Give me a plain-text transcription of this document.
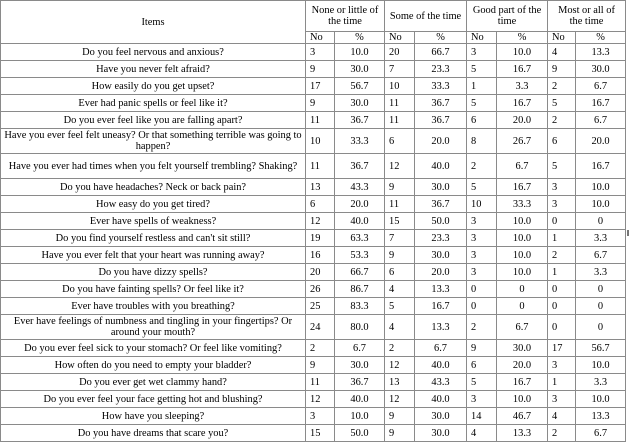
Items	None or little of the time		Some of the time		Good part of the time		Most or all of the time	
	No	%	No	%	No	%	No	%
Do you feel nervous and anxious?	3	10.0	20	66.7	3	10.0	4	13.3
Have you never felt afraid?	9	30.0	7	23.3	5	16.7	9	30.0
How easily do you get upset?	17	56.7	10	33.3	1	3.3	2	6.7
Ever had panic spells or feel like it?	9	30.0	11	36.7	5	16.7	5	16.7
Do you ever feel like you are falling apart?	11	36.7	11	36.7	6	20.0	2	6.7
Have you ever feel felt uneasy? Or that something terrible was going to happen?	10	33.3	6	20.0	8	26.7	6	20.0
Have you ever had times when you felt yourself trembling? Shaking?	11	36.7	12	40.0	2	6.7	5	16.7
Do you have headaches? Neck or back pain?	13	43.3	9	30.0	5	16.7	3	10.0
How easy do you get tired?	6	20.0	11	36.7	10	33.3	3	10.0
Ever have spells of weakness?	12	40.0	15	50.0	3	10.0	0	0
Do you find yourself restless and can't sit still?	19	63.3	7	23.3	3	10.0	1	3.3
Have you ever felt that your heart was running away?	16	53.3	9	30.0	3	10.0	2	6.7
Do you have dizzy spells?	20	66.7	6	20.0	3	10.0	1	3.3
Do you have fainting spells? Or feel like it?	26	86.7	4	13.3	0	0	0	0
Ever have troubles with you breathing?	25	83.3	5	16.7	0	0	0	0
Ever have feelings of numbness and tingling in your fingertips? Or around your mouth?	24	80.0	4	13.3	2	6.7	0	0
Do you ever feel sick to your stomach? Or feel like vomiting?	2	6.7	2	6.7	9	30.0	17	56.7
How often do you need to empty your bladder?	9	30.0	12	40.0	6	20.0	3	10.0
Do you ever get wet clammy hand?	11	36.7	13	43.3	5	16.7	1	3.3
Do you ever feel your face getting hot and blushing?	12	40.0	12	40.0	3	10.0	3	10.0
How have you sleeping?	3	10.0	9	30.0	14	46.7	4	13.3
Do you have dreams that scare you?	15	50.0	9	30.0	4	13.3	2	6.7
